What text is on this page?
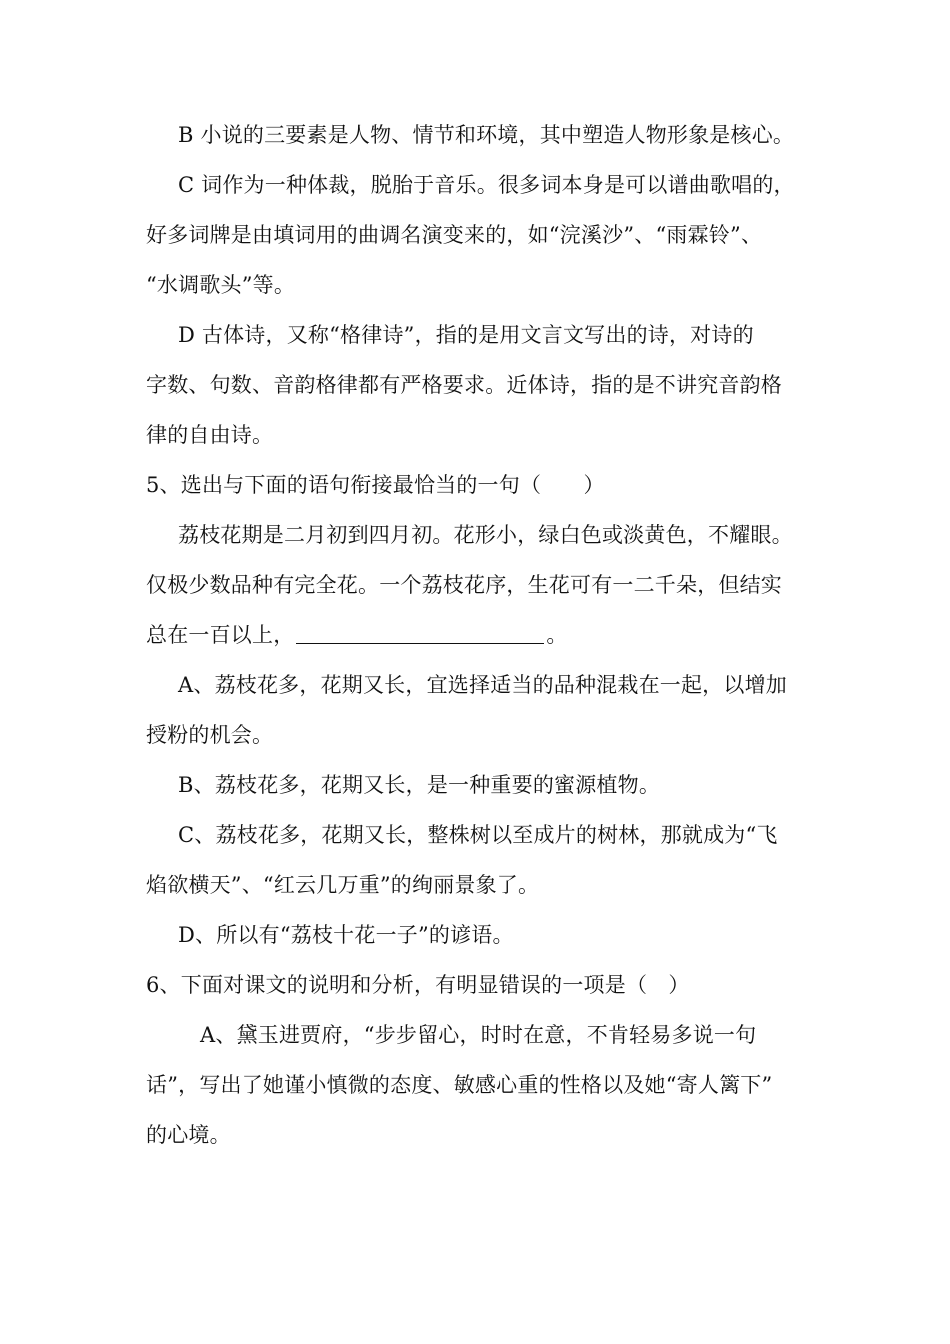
B 小说的三要素是人物、情节和环境，其中塑造人物形象是核心。
C 词作为一种体裁，脱胎于音乐。很多词本身是可以谱曲歌唱的，
好多词牌是由填词用的曲调名演变来的，如“浣溪沙”、“雨霖铃”、
“水调歌头”等。
D 古体诗，又称“格律诗”，指的是用文言文写出的诗，对诗的
字数、句数、音韵格律都有严格要求。近体诗，指的是不讲究音韵格
律的自由诗。
5、选出与下面的语句衔接最恰当的一句（　　）
荔枝花期是二月初到四月初。花形小，绿白色或淡黄色，不耀眼。
仅极少数品种有完全花。一个荔枝花序，生花可有一二千朵，但结实
总在一百以上，	。
A、荔枝花多，花期又长，宜选择适当的品种混栽在一起，以增加
授粉的机会。
B、荔枝花多，花期又长，是一种重要的蜜源植物。
C、荔枝花多，花期又长，整株树以至成片的树林，那就成为“飞
焰欲横天”、“红云几万重”的绚丽景象了。
D、所以有“荔枝十花一子”的谚语。
6、下面对课文的说明和分析，有明显错误的一项是（　）
A、黛玉进贾府，“步步留心，时时在意，不肯轻易多说一句
话”，写出了她谨小慎微的态度、敏感心重的性格以及她“寄人篱下”
的心境。
